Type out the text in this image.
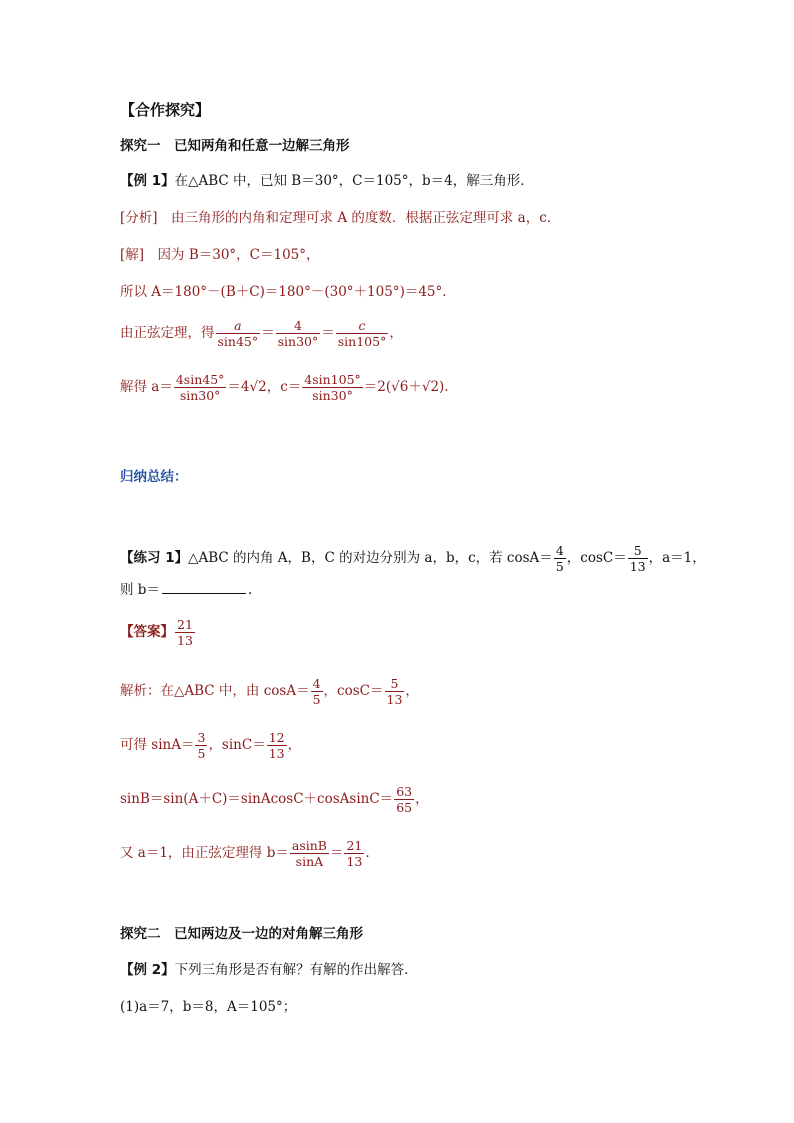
【合作探究】
探究一　已知两角和任意一边解三角形
【例 1】在△ABC 中，已知 B＝30°，C＝105°，b＝4，解三角形．
[分析]　由三角形的内角和定理可求 A 的度数．根据正弦定理可求 a，c．
[解]　因为 B＝30°，C＝105°，
所以 A＝180°－(B＋C)＝180°－(30°＋105°)＝45°.
由正弦定理，得 $\frac{a}{\sin 45^\circ} = \frac{4}{\sin 30^\circ} = \frac{c}{\sin 105^\circ}$ ，
解得 $a= \frac{4\sin 45^\circ}{\sin 30^\circ} =4√2$，$c= \frac{4\sin 105^\circ}{\sin 30^\circ} =2(√6+√2)$.
归纳总结：
【练习 1】△ABC 的内角 A，B，C 的对边分别为 a，b，c，若 $\cos A= \frac{4}{5}$ ，$\cos C= \frac{5}{13}$ ，a＝1，
则 b＝	.
【答案】 $\frac{21}{13}$
解析：在△ABC 中，由 $\cos A= \frac{4}{5}$ ，$\cos C= \frac{5}{13}$ ，
可得 $\sin A= \frac{3}{5}$ ，$\sin C= \frac{12}{13}$ ，
sinB＝sin(A＋C)＝sinAcosC＋cosAsinC＝ $\frac{63}{65}$ ，
又 a＝1，由正弦定理得 $b= \frac{asinB}{\sin A} = \frac{21}{13}$ .
探究二　已知两边及一边的对角解三角形
【例 2】下列三角形是否有解？有解的作出解答．
(1)a＝7，b＝8，A＝105°；
